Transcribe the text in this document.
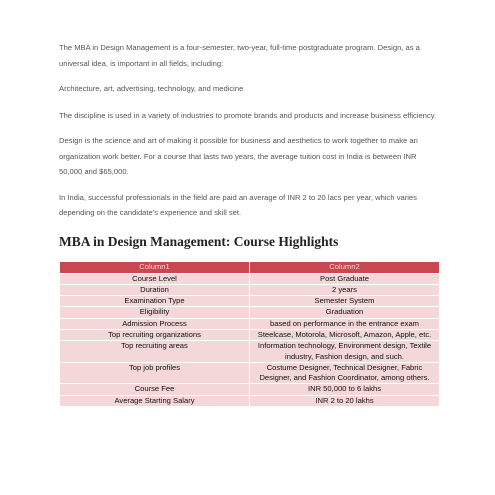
The MBA in Design Management is a four-semester, two-year, full-time postgraduate program. Design, as a universal idea, is important in all fields, including:

Architecture, art, advertising, technology, and medicine

The discipline is used in a variety of industries to promote brands and products and increase business efficiency.

Design is the science and art of making it possible for business and aesthetics to work together to make an organization work better. For a course that lasts two years, the average tuition cost in India is between INR 50,000 and $65,000.

In India, successful professionals in the field are paid an average of INR 2 to 20 lacs per year, which varies depending on the candidate's experience and skill set.

MBA in Design Management: Course Highlights
Column1	Column2
Course Level	Post Graduate
Duration	2 years
Examination Type	Semester System
Eligibility	Graduation
Admission Process	based on performance in the entrance exam
Top recruiting organizations	Steelcase, Motorola, Microsoft, Amazon, Apple, etc.
Top recruiting areas	Information technology, Environment design, Textile industry, Fashion design, and such.
Top job profiles	Costume Designer, Technical Designer, Fabric Designer, and Fashion Coordinator, among others.
Course Fee	INR 50,000 to 6 lakhs
Average Starting Salary	INR 2 to 20 lakhs
